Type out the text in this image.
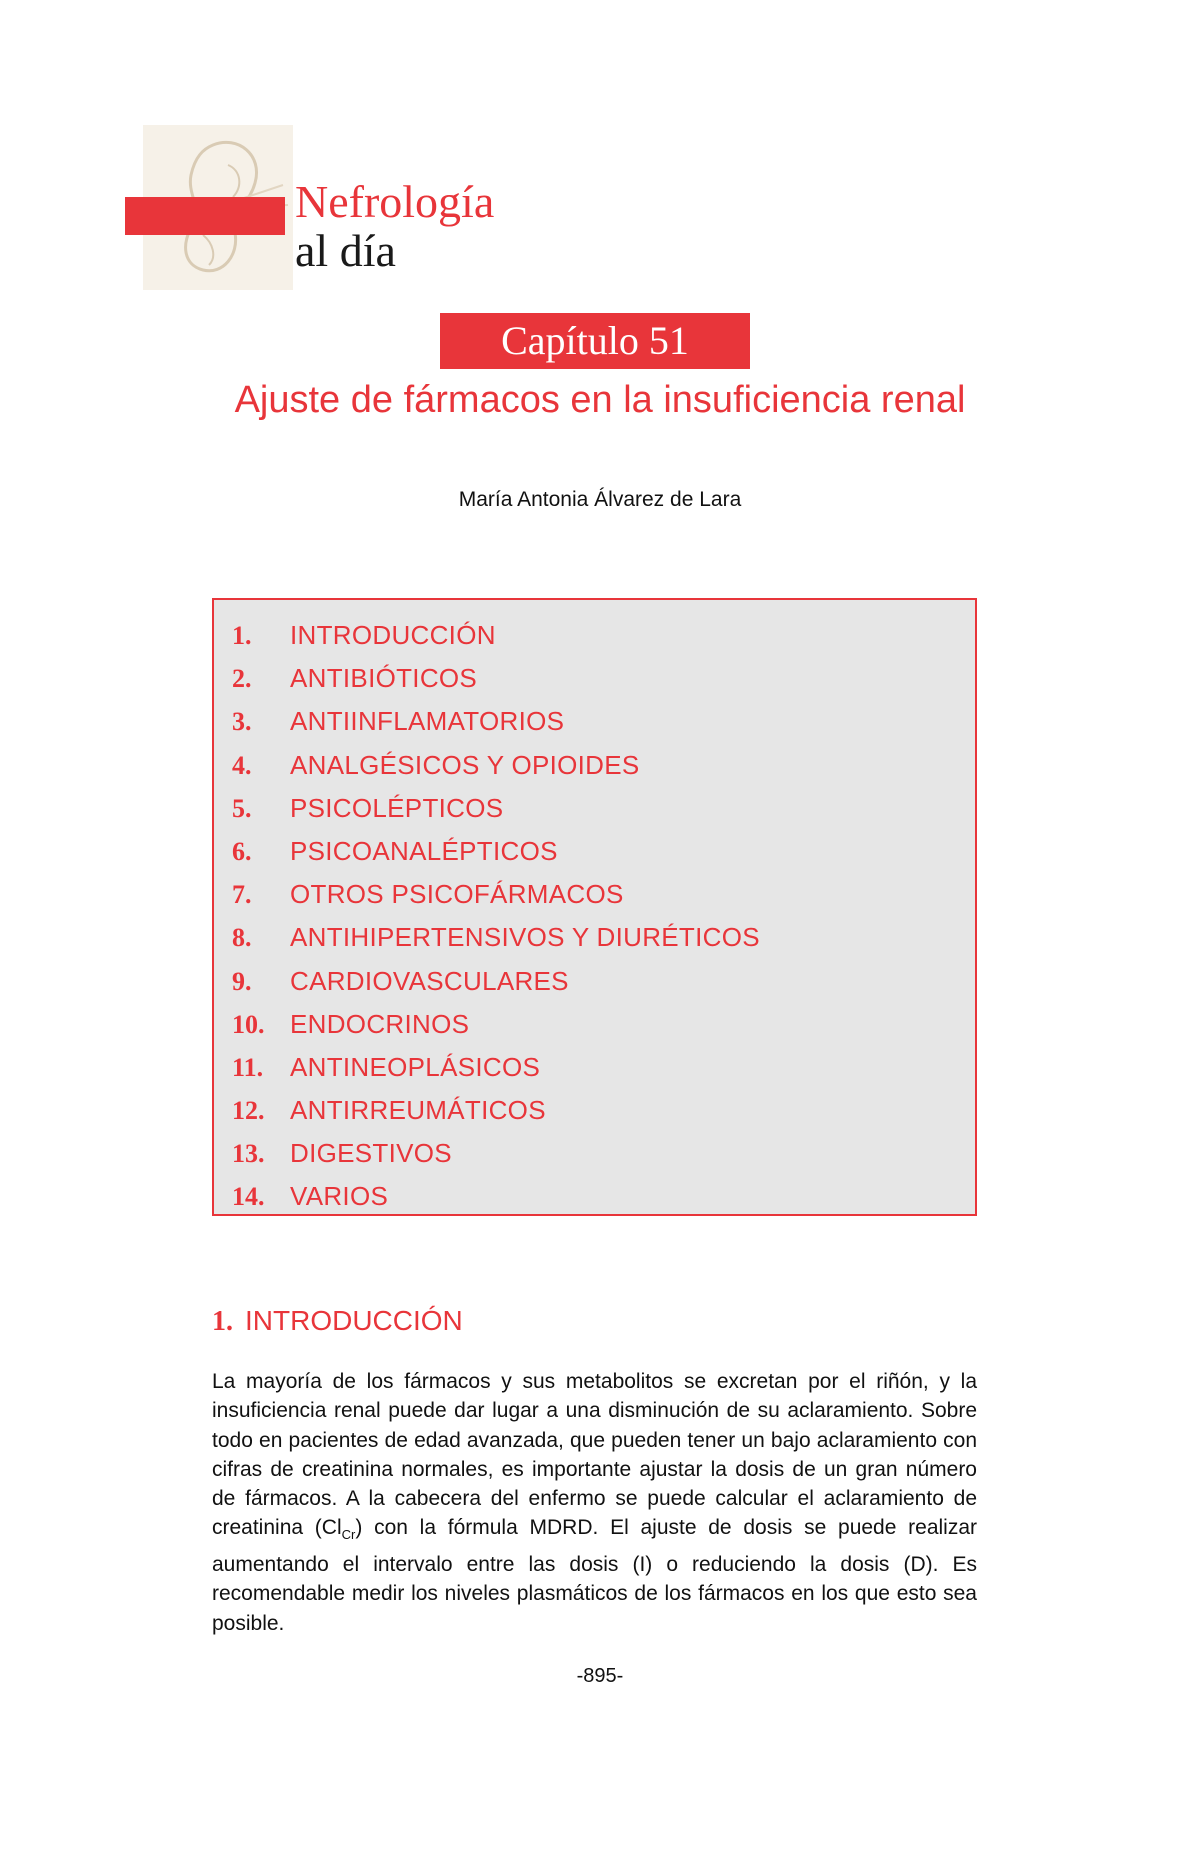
Nefrología
al día
Capítulo 51
Ajuste de fármacos en la insuficiencia renal
María Antonia Álvarez de Lara
1. INTRODUCCIÓN
2. ANTIBIÓTICOS
3. ANTIINFLAMATORIOS
4. ANALGÉSICOS Y OPIOIDES
5. PSICOLÉPTICOS
6. PSICOANALÉPTICOS
7. OTROS PSICOFÁRMACOS
8. ANTIHIPERTENSIVOS Y DIURÉTICOS
9. CARDIOVASCULARES
10. ENDOCRINOS
11. ANTINEOPLÁSICOS
12. ANTIRREUMÁTICOS
13. DIGESTIVOS
14. VARIOS
1. INTRODUCCIÓN

La mayoría de los fármacos y sus metabolitos se excretan por el riñón, y la insuficiencia renal puede dar lugar a una disminución de su aclaramiento. Sobre todo en pacientes de edad avanzada, que pueden tener un bajo aclaramiento con cifras de creatinina normales, es importante ajustar la dosis de un gran número de fármacos. A la cabecera del enfermo se puede calcular el aclaramiento de creatinina $(Cl_{Cr})$ con la fórmula MDRD. El ajuste de dosis se puede realizar aumentando el intervalo entre las dosis (I) o reduciendo la dosis (D). Es recomendable medir los niveles plasmáticos de los fármacos en los que esto sea posible.

-895-
